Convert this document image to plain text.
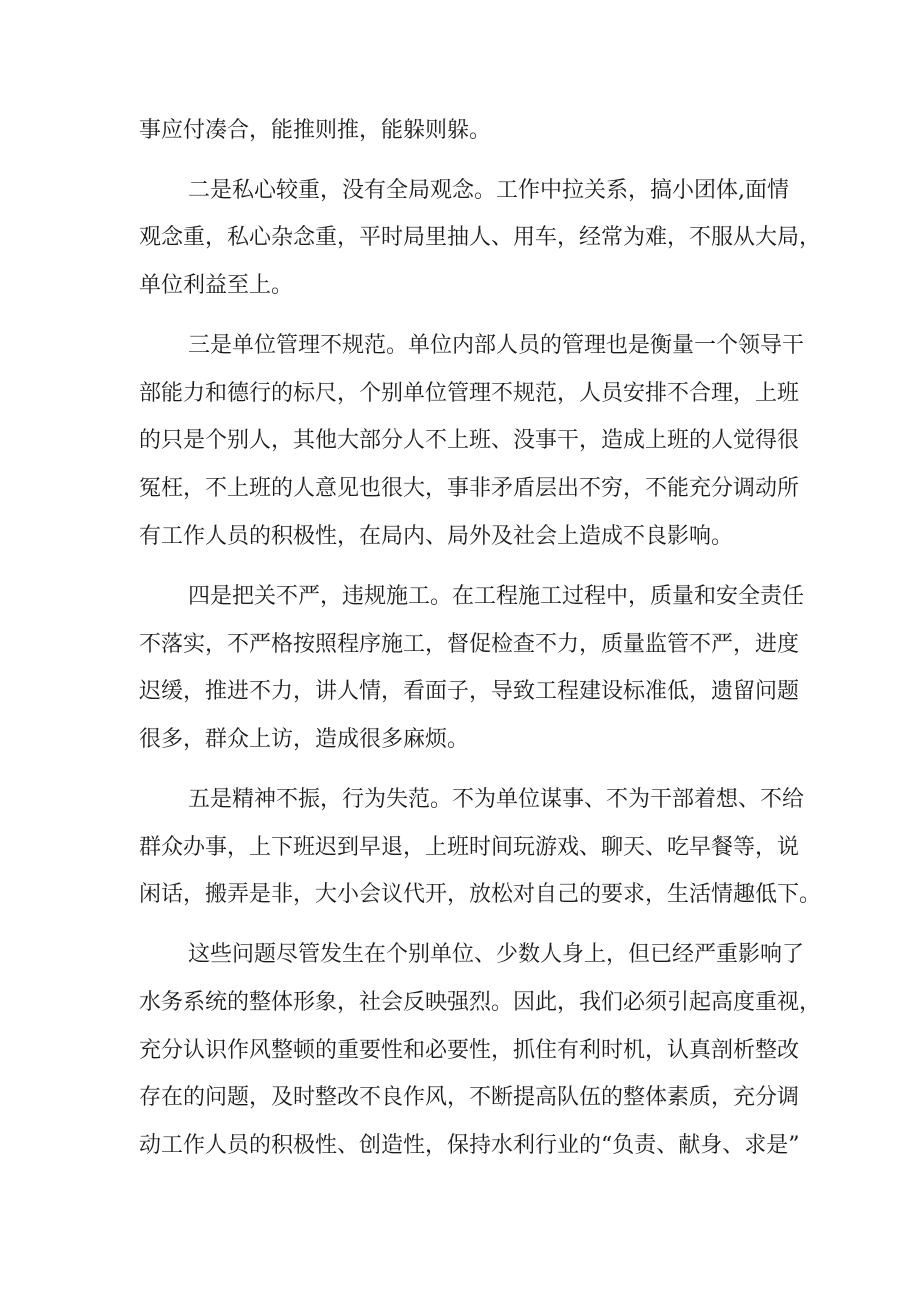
事应付凑合，能推则推，能躲则躲。
二是私心较重，没有全局观念。工作中拉关系，搞小团体,面情
观念重，私心杂念重，平时局里抽人、用车，经常为难，不服从大局，
单位利益至上。
三是单位管理不规范。单位内部人员的管理也是衡量一个领导干
部能力和德行的标尺，个别单位管理不规范，人员安排不合理，上班
的只是个别人，其他大部分人不上班、没事干，造成上班的人觉得很
冤枉，不上班的人意见也很大，事非矛盾层出不穷，不能充分调动所
有工作人员的积极性，在局内、局外及社会上造成不良影响。
四是把关不严，违规施工。在工程施工过程中，质量和安全责任
不落实，不严格按照程序施工，督促检查不力，质量监管不严，进度
迟缓，推进不力，讲人情，看面子，导致工程建设标准低，遗留问题
很多，群众上访，造成很多麻烦。
五是精神不振，行为失范。不为单位谋事、不为干部着想、不给
群众办事，上下班迟到早退，上班时间玩游戏、聊天、吃早餐等，说
闲话，搬弄是非，大小会议代开，放松对自己的要求，生活情趣低下。
这些问题尽管发生在个别单位、少数人身上，但已经严重影响了
水务系统的整体形象，社会反映强烈。因此，我们必须引起高度重视，
充分认识作风整顿的重要性和必要性，抓住有利时机，认真剖析整改
存在的问题，及时整改不良作风，不断提高队伍的整体素质，充分调
动工作人员的积极性、创造性，保持水利行业的“负责、献身、求是”
